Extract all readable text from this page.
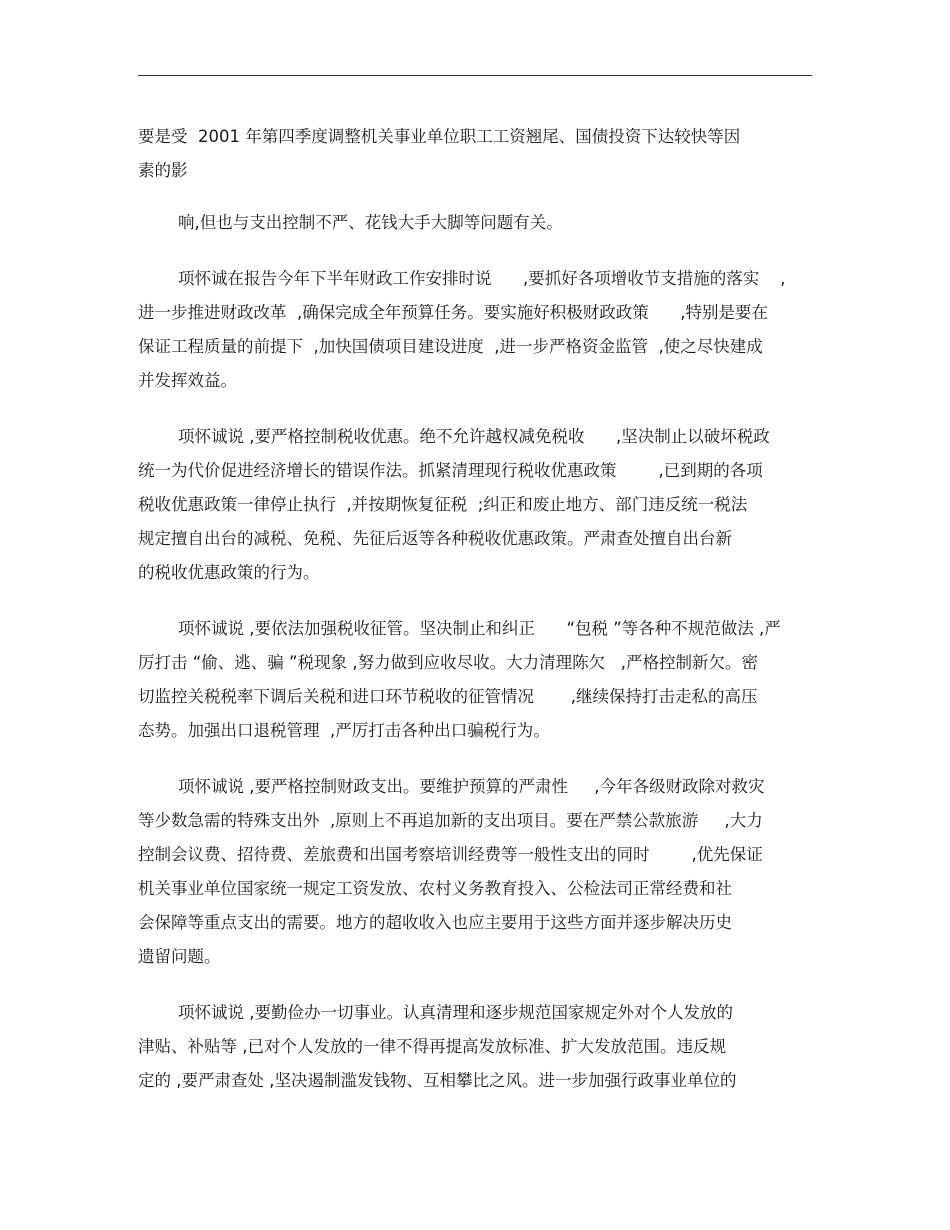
要是受  2001 年第四季度调整机关事业单位职工工资翘尾、国债投资下达较快等因
素的影
响,但也与支出控制不严、花钱大手大脚等问题有关。
项怀诚在报告今年下半年财政工作安排时说      ,要抓好各项增收节支措施的落实    ,
进一步推进财政改革  ,确保完成全年预算任务。要实施好积极财政政策      ,特别是要在
保证工程质量的前提下  ,加快国债项目建设进度  ,进一步严格资金监管  ,使之尽快建成
并发挥效益。
项怀诚说 ,要严格控制税收优惠。绝不允许越权减免税收      ,坚决制止以破坏税政
统一为代价促进经济增长的错误作法。抓紧清理现行税收优惠政策        ,已到期的各项
税收优惠政策一律停止执行  ,并按期恢复征税  ;纠正和废止地方、部门违反统一税法
规定擅自出台的减税、免税、先征后返等各种税收优惠政策。严肃查处擅自出台新
的税收优惠政策的行为。
项怀诚说 ,要依法加强税收征管。坚决制止和纠正      “包税 ”等各种不规范做法 ,严
厉打击 “偷、逃、骗 ”税现象 ,努力做到应收尽收。大力清理陈欠   ,严格控制新欠。密
切监控关税税率下调后关税和进口环节税收的征管情况       ,继续保持打击走私的高压
态势。加强出口退税管理  ,严厉打击各种出口骗税行为。
项怀诚说 ,要严格控制财政支出。要维护预算的严肃性     ,今年各级财政除对救灾
等少数急需的特殊支出外  ,原则上不再追加新的支出项目。要在严禁公款旅游     ,大力
控制会议费、招待费、差旅费和出国考察培训经费等一般性支出的同时        ,优先保证
机关事业单位国家统一规定工资发放、农村义务教育投入、公检法司正常经费和社
会保障等重点支出的需要。地方的超收收入也应主要用于这些方面并逐步解决历史
遗留问题。
项怀诚说 ,要勤俭办一切事业。认真清理和逐步规范国家规定外对个人发放的
津贴、补贴等 ,已对个人发放的一律不得再提高发放标准、扩大发放范围。违反规
定的 ,要严肃查处 ,坚决遏制滥发钱物、互相攀比之风。进一步加强行政事业单位的
